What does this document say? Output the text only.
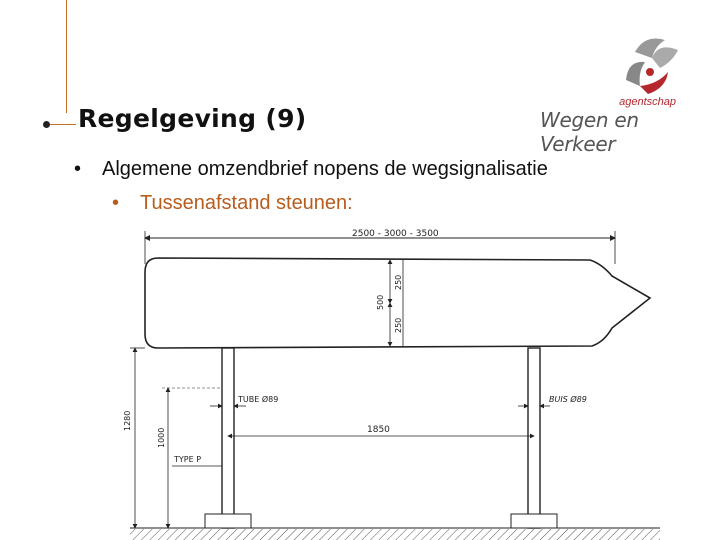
Regelgeving (9)
agentschap
Wegen en Verkeer
• Algemene omzendbrief nopens de wegsignalisatie
• Tussenafstand steunen:
2500 - 3000 - 3500
250
500
250
TUBE Ø89	BUIS Ø89
1850
1280
1000
TYPE P
